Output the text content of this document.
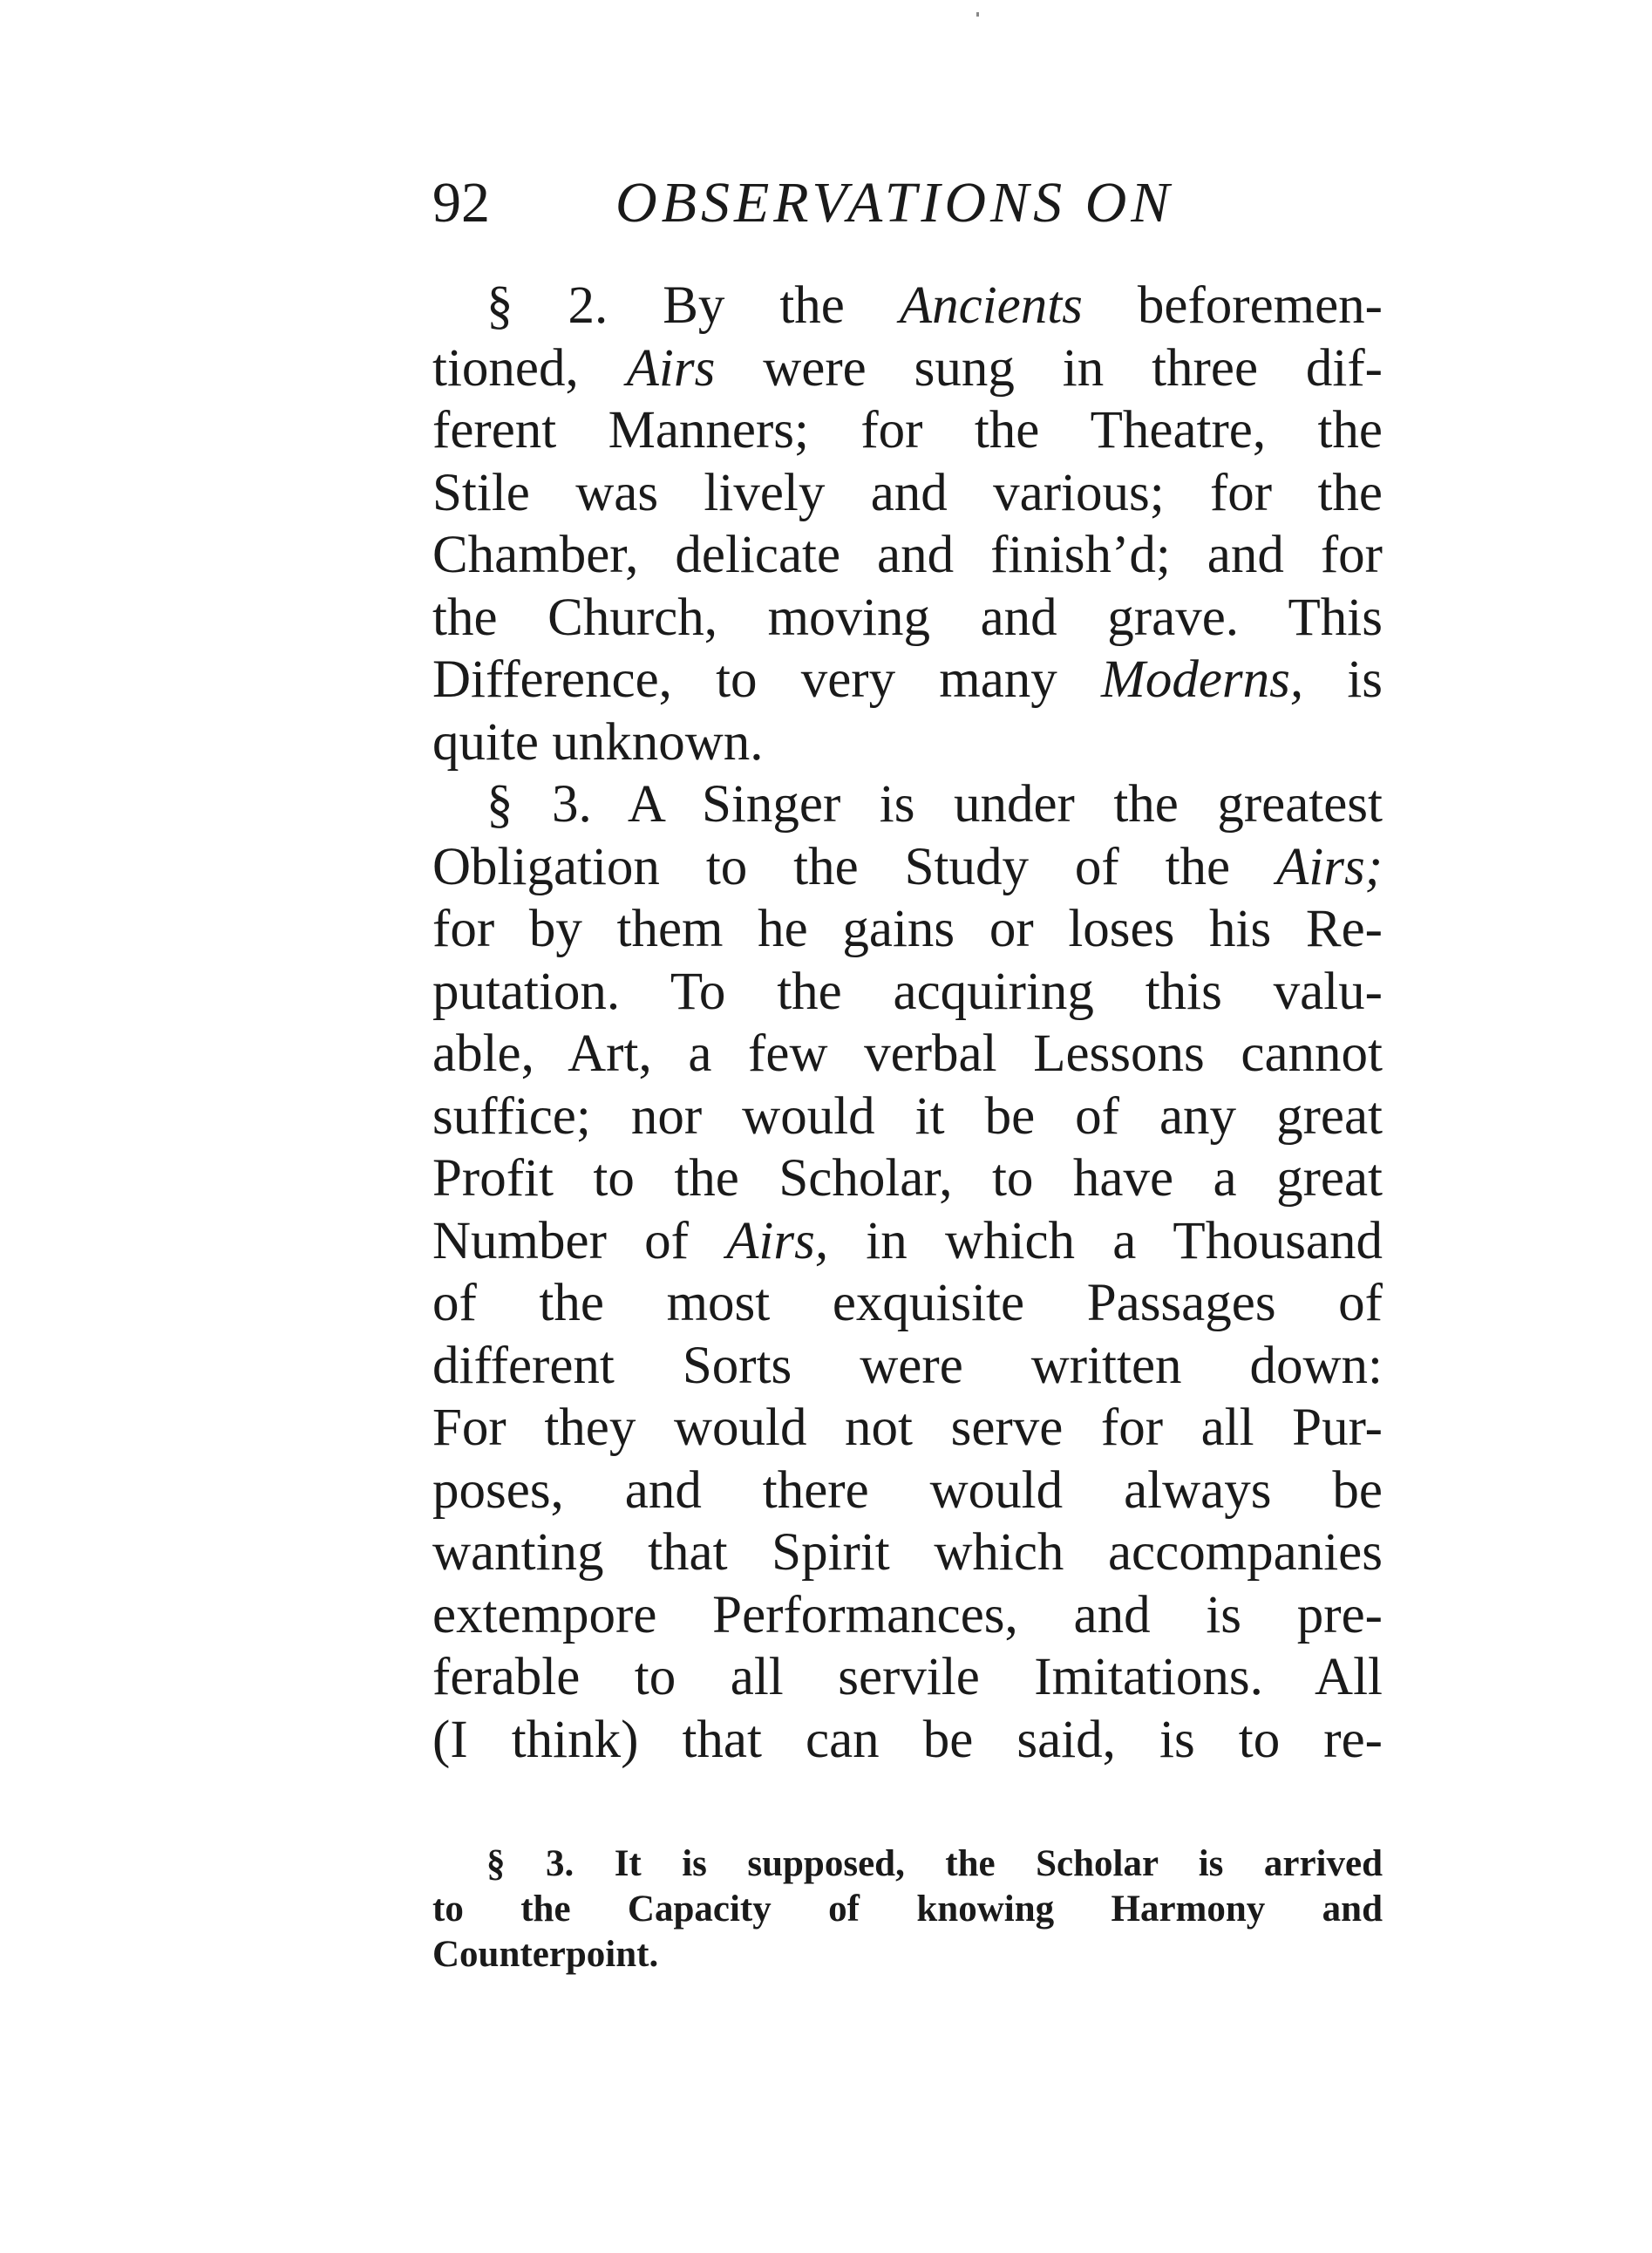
92 OBSERVATIONS ON
§ 2. By the Ancients beforemen-
tioned, Airs were sung in three dif-
ferent Manners; for the Theatre, the
Stile was lively and various; for the
Chamber, delicate and finish’d; and for
the Church, moving and grave. This
Difference, to very many Moderns, is
quite unknown.
§ 3. A Singer is under the greatest
Obligation to the Study of the Airs;
for by them he gains or loses his Re-
putation. To the acquiring this valu-
able, Art, a few verbal Lessons cannot
suffice; nor would it be of any great
Profit to the Scholar, to have a great
Number of Airs, in which a Thousand
of the most exquisite Passages of
different Sorts were written down:
For they would not serve for all Pur-
poses, and there would always be
wanting that Spirit which accompanies
extempore Performances, and is pre-
ferable to all servile Imitations. All
(I think) that can be said, is to re-
§ 3. It is supposed, the Scholar is arrived
to the Capacity of knowing Harmony and
Counterpoint.
